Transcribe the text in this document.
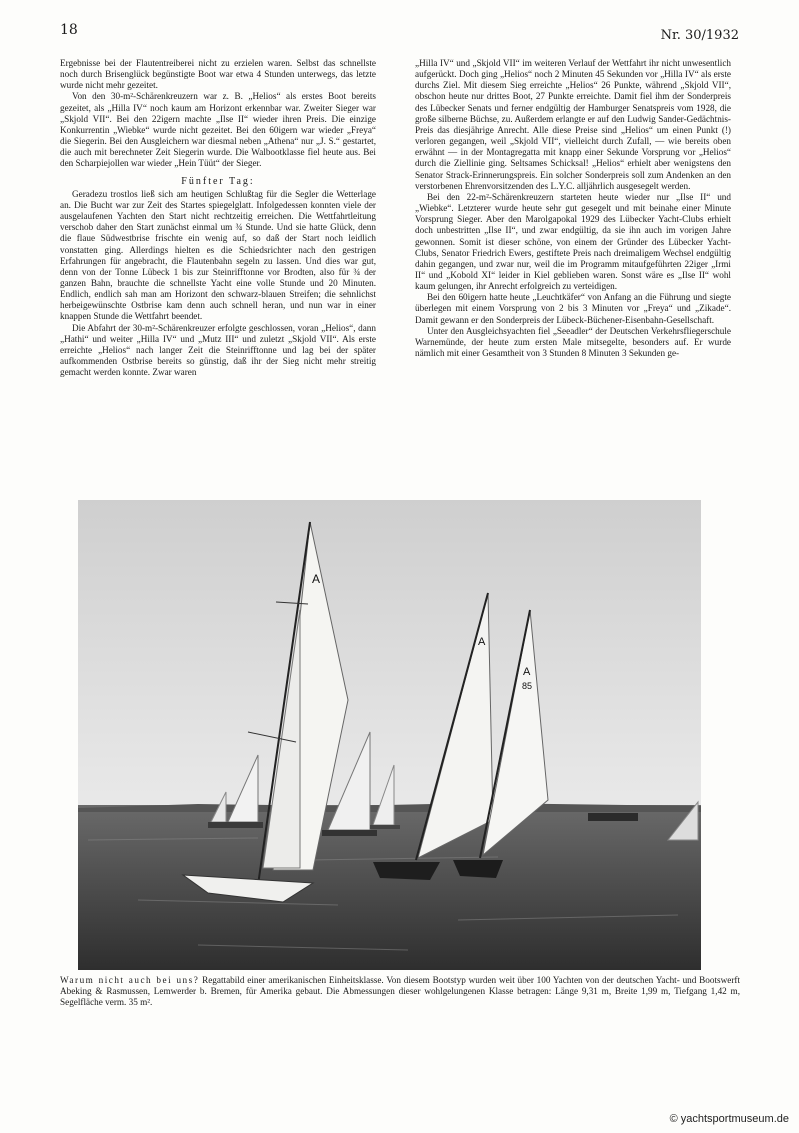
18	Nr. 30/1932

Ergebnisse bei der Flautentreiberei nicht zu erzielen waren. Selbst das schnellste noch durch Brisenglück begünstigte Boot war etwa 4 Stunden unterwegs, das letzte wurde nicht mehr gezeitet.

Von den 30-m²-Schärenkreuzern war z. B. „Helios“ als erstes Boot bereits gezeitet, als „Hilla IV“ noch kaum am Horizont erkennbar war. Zweiter Sieger war „Skjold VII“. Bei den 22igern machte „Ilse II“ wieder ihren Preis. Die einzige Konkurrentin „Wiebke“ wurde nicht gezeitet. Bei den 60igern war wieder „Freya“ die Siegerin. Bei den Ausgleichern war diesmal neben „Athena“ nur „J. S.“ gestartet, die auch mit berechneter Zeit Siegerin wurde. Die Walbootklasse fiel heute aus. Bei den Scharpiejollen war wieder „Hein Tüüt“ der Sieger.

Fünfter Tag:

Geradezu trostlos ließ sich am heutigen Schlußtag für die Segler die Wetterlage an. Die Bucht war zur Zeit des Startes spiegelglatt. Infolgedessen konnten viele der ausgelaufenen Yachten den Start nicht rechtzeitig erreichen. Die Wettfahrtleitung verschob daher den Start zunächst einmal um ¾ Stunde. Und sie hatte Glück, denn die flaue Südwestbrise frischte ein wenig auf, so daß der Start noch leidlich vonstatten ging. Allerdings hielten es die Schiedsrichter nach den gestrigen Erfahrungen für angebracht, die Flautenbahn segeln zu lassen. Und dies war gut, denn von der Tonne Lübeck 1 bis zur Steinrifftonne vor Brodten, also für ¾ der ganzen Bahn, brauchte die schnellste Yacht eine volle Stunde und 20 Minuten. Endlich, endlich sah man am Horizont den schwarz-blauen Streifen; die sehnlichst herbeigewünschte Ostbrise kam denn auch schnell heran, und nun war in einer knappen Stunde die Wettfahrt beendet.

Die Abfahrt der 30-m²-Schärenkreuzer erfolgte geschlossen, voran „Helios“, dann „Hathi“ und weiter „Hilla IV“ und „Mutz III“ und zuletzt „Skjold VII“. Als erste erreichte „Helios“ nach langer Zeit die Steinrifftonne und lag bei der später aufkommenden Ostbrise bereits so günstig, daß ihr der Sieg nicht mehr streitig gemacht werden konnte. Zwar waren

„Hilla IV“ und „Skjold VII“ im weiteren Verlauf der Wettfahrt ihr nicht unwesentlich aufgerückt. Doch ging „Helios“ noch 2 Minuten 45 Sekunden vor „Hilla IV“ als erste durchs Ziel. Mit diesem Sieg erreichte „Helios“ 26 Punkte, während „Skjold VII“, obschon heute nur drittes Boot, 27 Punkte erreichte. Damit fiel ihm der Sonderpreis des Lübecker Senats und ferner endgültig der Hamburger Senatspreis vom 1928, die große silberne Büchse, zu. Außerdem erlangte er auf den Ludwig Sander-Gedächtnis-Preis das diesjährige Anrecht. Alle diese Preise sind „Helios“ um einen Punkt (!) verloren gegangen, weil „Skjold VII“, vielleicht durch Zufall, — wie bereits oben erwähnt — in der Montagregatta mit knapp einer Sekunde Vorsprung vor „Helios“ durch die Ziellinie ging. Seltsames Schicksal! „Helios“ erhielt aber wenigstens den Senator Strack-Erinnerungspreis. Ein solcher Sonderpreis soll zum Andenken an den verstorbenen Ehrenvorsitzenden des L.Y.C. alljährlich ausgesegelt werden.

Bei den 22-m²-Schärenkreuzern starteten heute wieder nur „Ilse II“ und „Wiebke“. Letzterer wurde heute sehr gut gesegelt und mit beinahe einer Minute Vorsprung Sieger. Aber den Marolgapokal 1929 des Lübecker Yacht-Clubs erhielt doch unbestritten „Ilse II“, und zwar endgültig, da sie ihn auch im vorigen Jahre gewonnen. Somit ist dieser schöne, von einem der Gründer des Lübecker Yacht-Clubs, Senator Friedrich Ewers, gestiftete Preis nach dreimaligem Wechsel endgültig dahin gegangen, und zwar nur, weil die im Programm mitaufgeführten 22iger „Irmi II“ und „Kobold XI“ leider in Kiel geblieben waren. Sonst wäre es „Ilse II“ wohl kaum gelungen, ihr Anrecht erfolgreich zu verteidigen.

Bei den 60igern hatte heute „Leuchtkäfer“ von Anfang an die Führung und siegte überlegen mit einem Vorsprung von 2 bis 3 Minuten vor „Freya“ und „Zikade“. Damit gewann er den Sonderpreis der Lübeck-Büchener-Eisenbahn-Gesellschaft.

Unter den Ausgleichsyachten fiel „Seeadler“ der Deutschen Verkehrsfliegerschule Warnemünde, der heute zum ersten Male mitsegelte, besonders auf. Er wurde nämlich mit einer Gesamtheit von 3 Stunden 8 Minuten 3 Sekunden ge-

A
A
A
85
Warum nicht auch bei uns? Regattabild einer amerikanischen Einheitsklasse. Von diesem Bootstyp wurden weit über 100 Yachten von der deutschen Yacht- und Bootswerft Abeking & Rasmussen, Lemwerder b. Bremen, für Amerika gebaut. Die Abmessungen dieser wohlgelungenen Klasse betragen: Länge 9,31 m, Breite 1,99 m, Tiefgang 1,42 m, Segelfläche verm. 35 m².
© yachtsportmuseum.de
